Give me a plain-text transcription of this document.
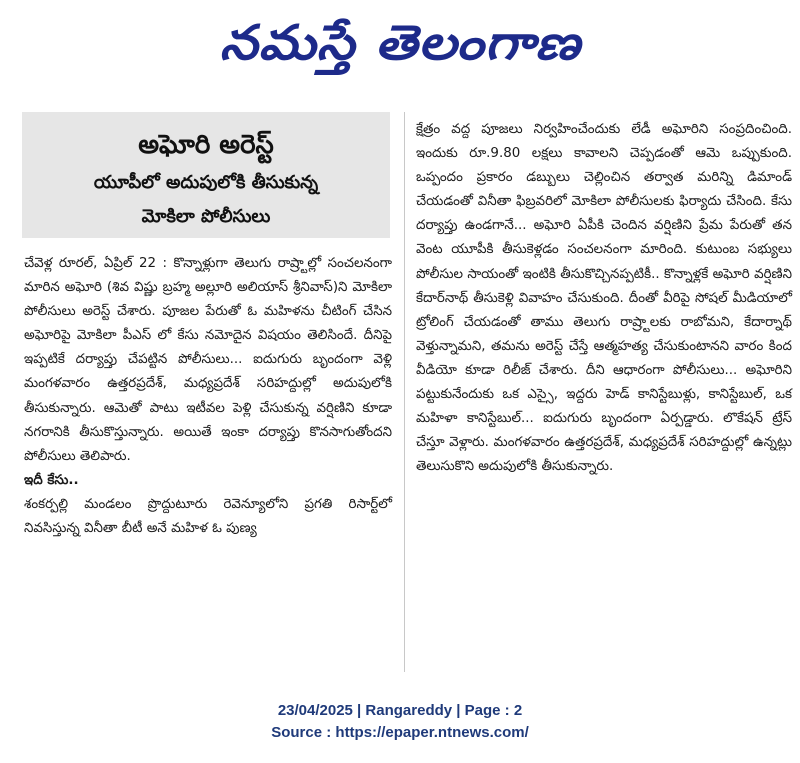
నమస్తే తెలంగాణ
అఘోరి అరెస్ట్
యూపీలో అదుపులోకి తీసుకున్న
మోకిలా పోలీసులు

చేవెళ్ల రూరల్, ఏప్రిల్ 22 : కొన్నాళ్లుగా తెలుగు రాష్ర్టాల్లో సంచలనంగా మారిన అఘోరి (శివ విష్ణు బ్రహ్మ అల్లూరి అలియాస్ శ్రీనివాస్)ని మోకిలా పోలీసులు అరెస్ట్ చేశారు. పూజల పేరుతో ఓ మహిళను చీటింగ్ చేసిన అఘోరిపై మోకిలా పీఎస్ లో కేసు నమోదైన విషయం తెలిసిందే. దీనిపై ఇప్పటికే దర్యాప్తు చేపట్టిన పోలీసులు... ఐదుగురు బృందంగా వెళ్లి మంగళవారం ఉత్తరప్రదేశ్, మధ్యప్రదేశ్ సరిహద్దుల్లో అదుపులోకి తీసుకున్నారు. ఆమెతో పాటు ఇటీవల పెళ్లి చేసుకున్న వర్షిణిని కూడా నగరానికి తీసుకొస్తున్నారు. అయితే ఇంకా దర్యాప్తు కొనసాగుతోందని పోలీసులు తెలిపారు.

ఇదీ కేసు..

శంకర్పల్లి మండలం ప్రొద్దుటూరు రెవెన్యూలోని ప్రగతి రిసార్ట్‌లో నివసిస్తున్న వినీతా బీటీ అనే మహిళ ఓ పుణ్య

క్షేత్రం వద్ద పూజలు నిర్వహించేందుకు లేడీ అఘోరిని సంప్రదించింది. ఇందుకు రూ.9.80 లక్షలు కావాలని చెప్పడంతో ఆమె ఒప్పుకుంది. ఒప్పందం ప్రకారం డబ్బులు చెల్లించిన తర్వాత మరిన్ని డిమాండ్ చేయడంతో వినీతా ఫిబ్రవరిలో మోకిలా పోలీసులకు ఫిర్యాదు చేసింది. కేసు దర్యాప్తు ఉండగానే... అఘోరి ఏపీకి చెందిన వర్షిణిని ప్రేమ పేరుతో తన వెంట యూపీకి తీసుకెళ్లడం సంచలనంగా మారింది. కుటుంబ సభ్యులు పోలీసుల సాయంతో ఇంటికి తీసుకొచ్చినప్పటికీ.. కొన్నాళ్లకే అఘోరి వర్షిణిని కేదార్‌నాథ్ తీసుకెళ్లి వివాహం చేసుకుంది. దీంతో వీరిపై సోషల్ మీడియాలో ట్రోలింగ్ చేయడంతో తాము తెలుగు రాష్ర్టాలకు రాబోమని, కేదార్నాథ్ వెళ్తున్నామని, తమను అరెస్ట్ చేస్తే ఆత్మహత్య చేసుకుంటానని వారం కింద వీడియో కూడా రిలీజ్ చేశారు. దీని ఆధారంగా పోలీసులు... అఘోరిని పట్టుకునేందుకు ఒక ఎస్సై, ఇద్దరు హెడ్ కానిస్టేబుళ్లు, కానిస్టేబుల్, ఒక మహిళా కానిస్టేబుల్... ఐదుగురు బృందంగా ఏర్పడ్డారు. లొకేషన్ ట్రేస్ చేస్తూ వెళ్లారు. మంగళవారం ఉత్తరప్రదేశ్, మధ్యప్రదేశ్ సరిహద్దుల్లో ఉన్నట్లు తెలుసుకొని అదుపులోకి తీసుకున్నారు.

23/04/2025 | Rangareddy | Page : 2
Source : https://epaper.ntnews.com/
